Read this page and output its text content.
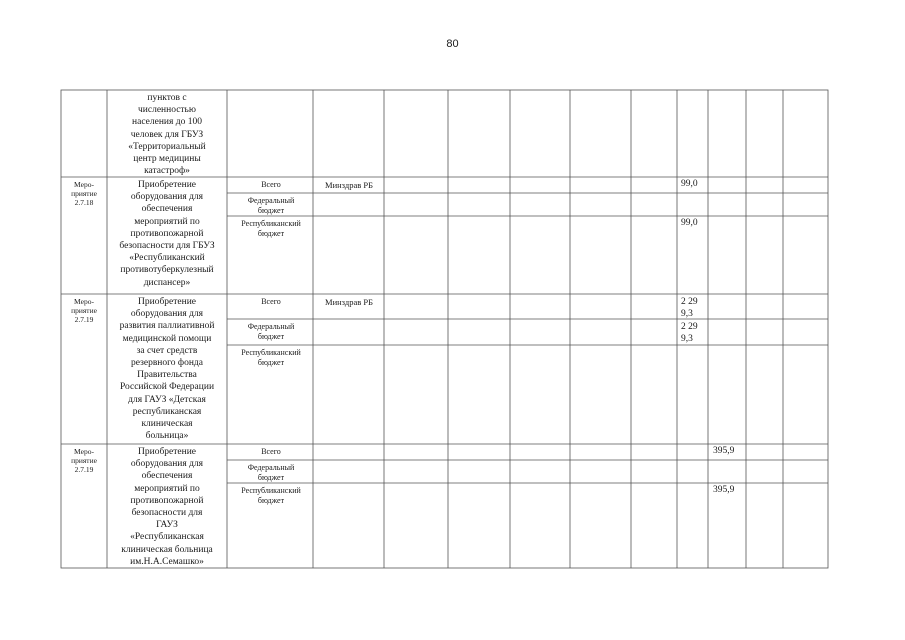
80
пунктов с
численностью
населения до 100
человек для ГБУЗ
«Территориальный
центр медицины
катастроф»
Меро-
приятие
2.7.18
Приобретение
оборудования для
обеспечения
мероприятий по
противопожарной
безопасности для ГБУЗ
«Республиканский
противотуберкулезный
диспансер»
Всего
Федеральный
бюджет
Республиканский
бюджет
Минздрав РБ	99,0
99,0
Меро-
приятие
2.7.19
Приобретение
оборудования для
развития паллиативной
медицинской помощи
за счет средств
резервного фонда
Правительства
Российской Федерации
для ГАУЗ «Детская
республиканская
клиническая
больница»
Всего
Федеральный
бюджет
Республиканский
бюджет
Минздрав РБ	2 29
9,3
2 29
9,3
Меро-
приятие
2.7.19
Приобретение
оборудования для
обеспечения
мероприятий по
противопожарной
безопасности для
ГАУЗ
«Республиканская
клиническая больница
им.Н.А.Семашко»
Всего
Федеральный
бюджет
Республиканский
бюджет
395,9
395,9
